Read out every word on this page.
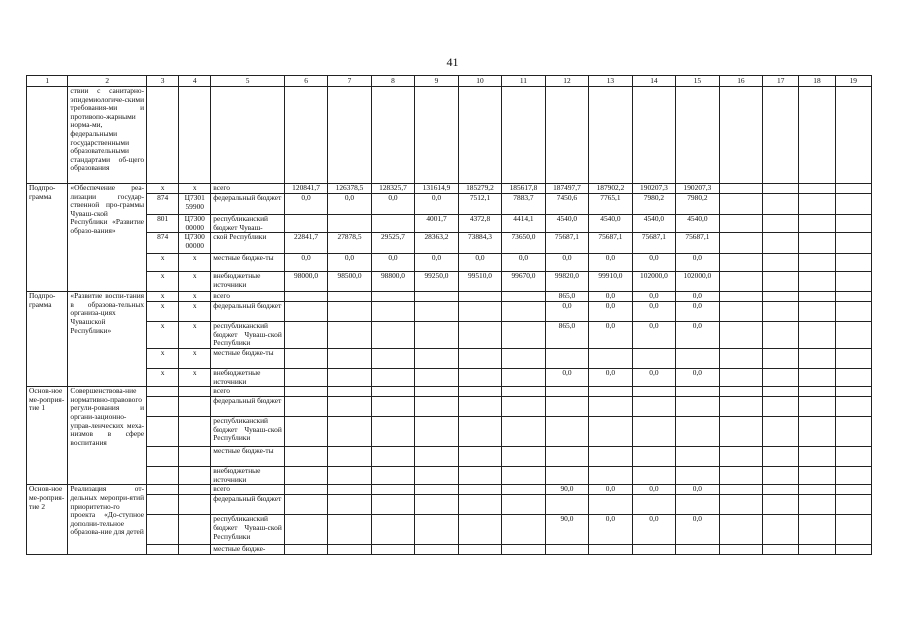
41
1	2	3	4	5	6	7	8	9	10	11	12	13	14	15	16	17	18	19
	ствии с санитарно-эпидемиологиче-скими требования-ми и противопо-жарными норма-ми, федеральными государственными образовательными стандартами об-щего образования																	
Подпро-грамма	«Обеспечение реа-лизации государ-ственной про-граммы Чуваш-ской Республики «Развитие образо-вания»	x	x	всего	120841,7	126378,5	128325,7	131614,9	185279,2	185617,8	187497,7	187902,2	190207,3	190207,3				
		874	Ц7З01 59900	федеральный бюджет	0,0	0,0	0,0	0,0	7512,1	7883,7	7450,6	7765,1	7980,2	7980,2				
		801	Ц7З00 00000	республиканский бюджет Чуваш-				4001,7	4372,8	4414,1	4540,0	4540,0	4540,0	4540,0				
		874	Ц7З00 00000	ской Республики	22841,7	27878,5	29525,7	28363,2	73884,3	73650,0	75687,1	75687,1	75687,1	75687,1				
		x	x	местные бюдже-ты	0,0	0,0	0,0	0,0	0,0	0,0	0,0	0,0	0,0	0,0				
		x	x	внебюджетные источники	98000,0	98500,0	98800,0	99250,0	99510,0	99670,0	99820,0	99910,0	102000,0	102000,0				
Подпро-грамма	«Развитие воспи-тания в образова-тельных организа-циях Чувашской Республики»	x	x	всего							865,0	0,0	0,0	0,0				
		x	x	федеральный бюджет							0,0	0,0	0,0	0,0				
		x	x	республиканский бюджет Чуваш-ской Республики							865,0	0,0	0,0	0,0				
		x	x	местные бюдже-ты														
		x	x	внебюджетные источники							0,0	0,0	0,0	0,0				
Основ-ное ме-роприя-тие 1	Совершенствова-ние нормативно-правового регули-рования и органи-зационно-управ-ленческих меха-низмов в сфере воспитания			всего														
				федеральный бюджет														
				республиканский бюджет Чуваш-ской Республики														
				местные бюдже-ты														
				внебюджетные источники														
Основ-ное ме-роприя-тие 2	Реализация от-дельных меропри-ятий приоритетно-го проекта «До-ступное дополни-тельное образова-ние для детей			всего							90,0	0,0	0,0	0,0				
				федеральный бюджет														
				республиканский бюджет Чуваш-ской Республики							90,0	0,0	0,0	0,0				
				местные бюдже-														
